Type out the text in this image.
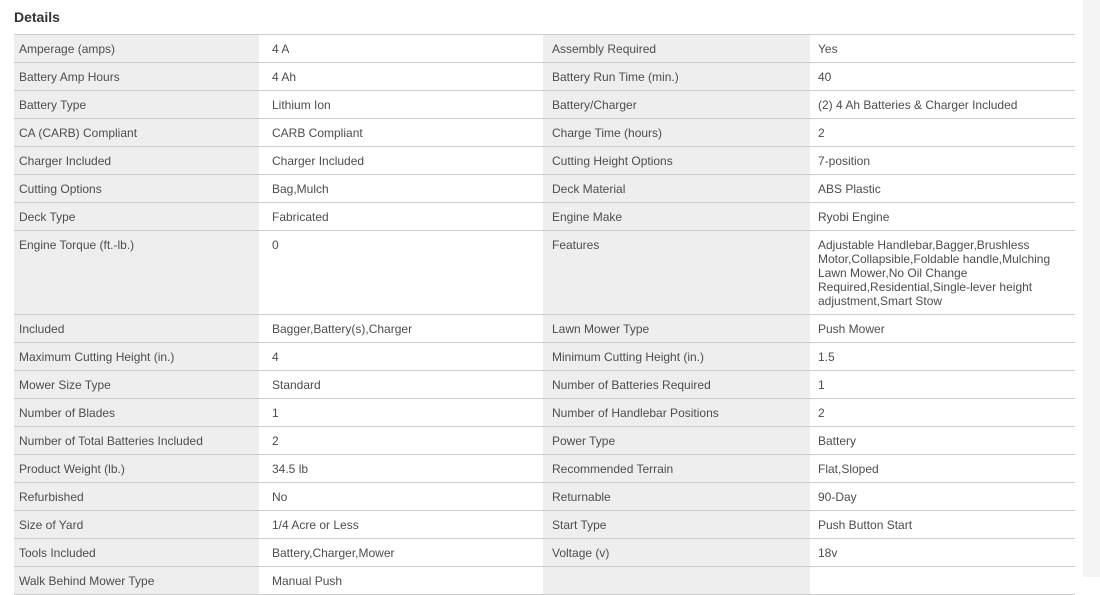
Details
Amperage (amps)	4 A	Assembly Required	Yes
Battery Amp Hours	4 Ah	Battery Run Time (min.)	40
Battery Type	Lithium Ion	Battery/Charger	(2) 4 Ah Batteries & Charger Included
CA (CARB) Compliant	CARB Compliant	Charge Time (hours)	2
Charger Included	Charger Included	Cutting Height Options	7-position
Cutting Options	Bag,Mulch	Deck Material	ABS Plastic
Deck Type	Fabricated	Engine Make	Ryobi Engine
Engine Torque (ft.-lb.)	0	Features	Adjustable Handlebar,Bagger,Brushless Motor,Collapsible,Foldable handle,Mulching Lawn Mower,No Oil Change Required,Residential,Single-lever height adjustment,Smart Stow
Included	Bagger,Battery(s),Charger	Lawn Mower Type	Push Mower
Maximum Cutting Height (in.)	4	Minimum Cutting Height (in.)	1.5
Mower Size Type	Standard	Number of Batteries Required	1
Number of Blades	1	Number of Handlebar Positions	2
Number of Total Batteries Included	2	Power Type	Battery
Product Weight (lb.)	34.5 lb	Recommended Terrain	Flat,Sloped
Refurbished	No	Returnable	90-Day
Size of Yard	1/4 Acre or Less	Start Type	Push Button Start
Tools Included	Battery,Charger,Mower	Voltage (v)	18v
Walk Behind Mower Type	Manual Push
